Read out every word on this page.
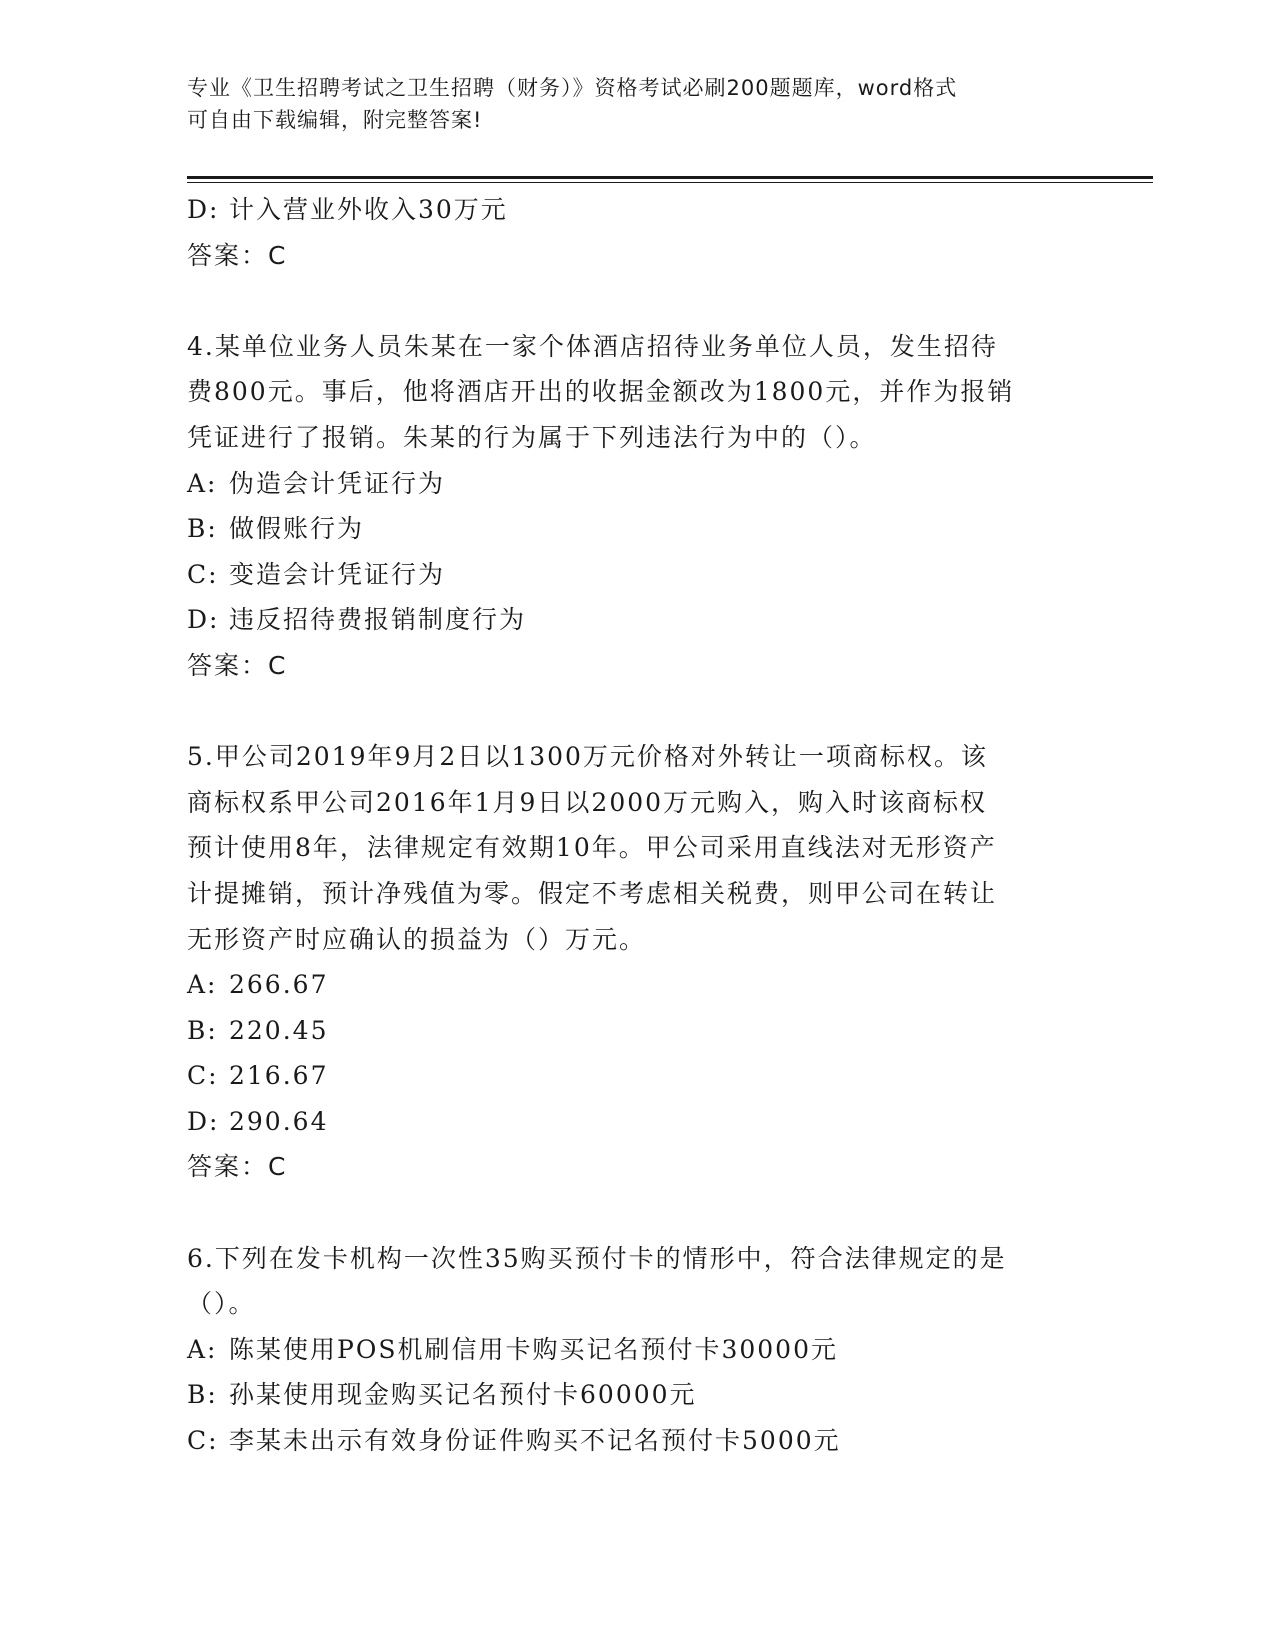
专业《卫生招聘考试之卫生招聘（财务）》资格考试必刷200题题库，word格式
可自由下载编辑，附完整答案!
D: 计入营业外收入30万元
答案：C
4.某单位业务人员朱某在一家个体酒店招待业务单位人员，发生招待
费800元。事后，他将酒店开出的收据金额改为1800元，并作为报销
凭证进行了报销。朱某的行为属于下列违法行为中的（）。
A: 伪造会计凭证行为
B: 做假账行为
C: 变造会计凭证行为
D: 违反招待费报销制度行为
答案：C
5.甲公司2019年9月2日以1300万元价格对外转让一项商标权。该
商标权系甲公司2016年1月9日以2000万元购入，购入时该商标权
预计使用8年，法律规定有效期10年。甲公司采用直线法对无形资产
计提摊销，预计净残值为零。假定不考虑相关税费，则甲公司在转让
无形资产时应确认的损益为（）万元。
A: 266.67
B: 220.45
C: 216.67
D: 290.64
答案：C
6.下列在发卡机构一次性35购买预付卡的情形中，符合法律规定的是
（）。
A: 陈某使用POS机刷信用卡购买记名预付卡30000元
B: 孙某使用现金购买记名预付卡60000元
C: 李某未出示有效身份证件购买不记名预付卡5000元
